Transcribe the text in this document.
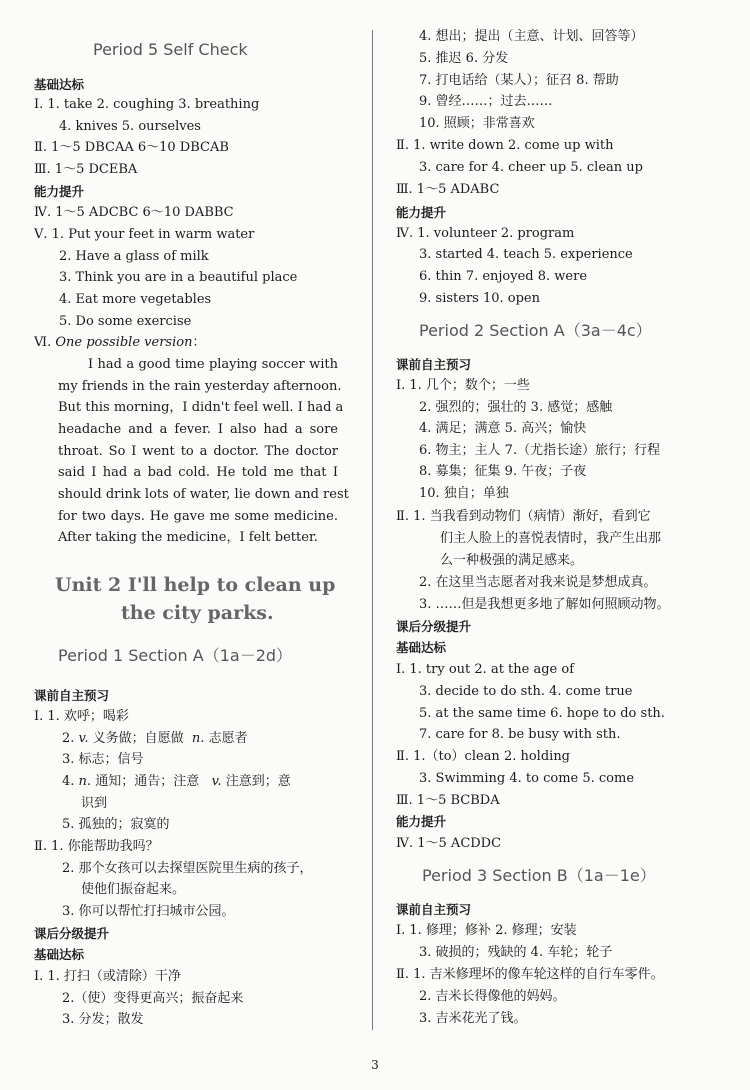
Period 5 Self Check
基础达标
Ⅰ. 1. take 2. coughing 3. breathing
4. knives 5. ourselves
Ⅱ. 1～5 DBCAA 6～10 DBCAB
Ⅲ. 1～5 DCEBA
能力提升
Ⅳ. 1～5 ADCBC 6～10 DABBC
Ⅴ. 1. Put your feet in warm water
2. Have a glass of milk
3. Think you are in a beautiful place
4. Eat more vegetables
5. Do some exercise
Ⅵ. One possible version：
I had a good time playing soccer with
my friends in the rain yesterday afternoon.
But this morning，I didn't feel well. I had a
headache and a fever. I also had a sore
throat. So I went to a doctor. The doctor
said I had a bad cold. He told me that I
should drink lots of water, lie down and rest
for two days. He gave me some medicine.
After taking the medicine，I felt better.
Unit 2 I'll help to clean up
the city parks.
Period 1 Section A（1a－2d）
课前自主预习
Ⅰ. 1. 欢呼；喝彩
2. v. 义务做；自愿做 n. 志愿者
3. 标志；信号
4. n. 通知；通告；注意 v. 注意到；意
识到
5. 孤独的；寂寞的
Ⅱ. 1. 你能帮助我吗？
2. 那个女孩可以去探望医院里生病的孩子，
使他们振奋起来。
3. 你可以帮忙打扫城市公园。
课后分级提升
基础达标
Ⅰ. 1. 打扫（或清除）干净
2.（使）变得更高兴；振奋起来
3. 分发；散发
4. 想出；提出（主意、计划、回答等）
5. 推迟 6. 分发
7. 打电话给（某人）；征召 8. 帮助
9. 曾经……；过去……
10. 照顾；非常喜欢
Ⅱ. 1. write down 2. come up with
3. care for 4. cheer up 5. clean up
Ⅲ. 1～5 ADABC
能力提升
Ⅳ. 1. volunteer 2. program
3. started 4. teach 5. experience
6. thin 7. enjoyed 8. were
9. sisters 10. open
Period 2 Section A（3a－4c）
课前自主预习
Ⅰ. 1. 几个；数个；一些
2. 强烈的；强壮的 3. 感觉；感触
4. 满足；满意 5. 高兴；愉快
6. 物主；主人 7.（尤指长途）旅行；行程
8. 募集；征集 9. 午夜；子夜
10. 独自；单独
Ⅱ. 1. 当我看到动物们（病情）渐好，看到它
们主人脸上的喜悦表情时，我产生出那
么一种极强的满足感来。
2. 在这里当志愿者对我来说是梦想成真。
3. ……但是我想更多地了解如何照顾动物。
课后分级提升
基础达标
Ⅰ. 1. try out 2. at the age of
3. decide to do sth. 4. come true
5. at the same time 6. hope to do sth.
7. care for 8. be busy with sth.
Ⅱ. 1.（to）clean 2. holding
3. Swimming 4. to come 5. come
Ⅲ. 1～5 BCBDA
能力提升
Ⅳ. 1～5 ACDDC
Period 3 Section B（1a－1e）
课前自主预习
Ⅰ. 1. 修理；修补 2. 修理；安装
3. 破损的；残缺的 4. 车轮；轮子
Ⅱ. 1. 吉米修理坏的像车轮这样的自行车零件。
2. 吉米长得像他的妈妈。
3. 吉米花光了钱。
3
